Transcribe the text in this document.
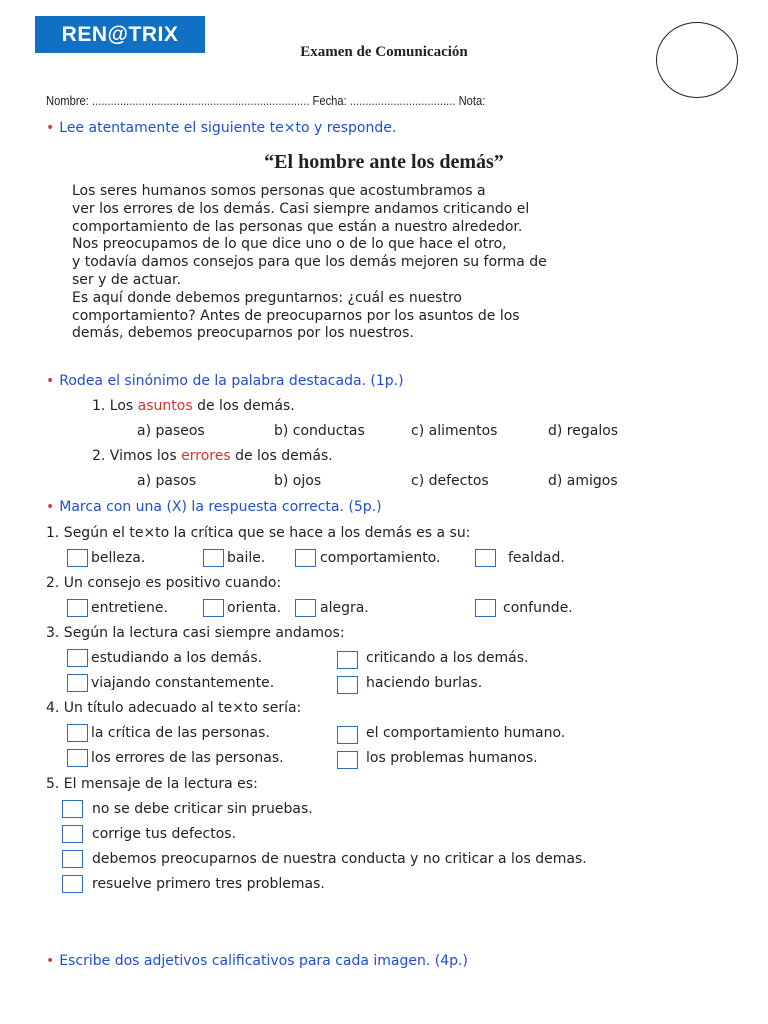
REN@TRIX
Examen de Comunicación
Nombre: ...................................................................... Fecha: .................................. Nota:
• Lee atentamente el siguiente te×to y responde.
“El hombre ante los demás”
Los seres humanos somos personas que acostumbramos a
ver los errores de los demás. Casi siempre andamos criticando el
comportamiento de las personas que están a nuestro alrededor.
Nos preocupamos de lo que dice uno o de lo que hace el otro,
y todavía damos consejos para que los demás mejoren su forma de
ser y de actuar.
Es aquí donde debemos preguntarnos: ¿cuál es nuestro
comportamiento? Antes de preocuparnos por los asuntos de los
demás, debemos preocuparnos por los nuestros.
• Rodea el sinónimo de la palabra destacada. (1p.)
1. Los asuntos de los demás.
a) paseos	b) conductas	c) alimentos	d) regalos
2. Vimos los errores de los demás.
a) pasos	b) ojos	c) defectos	d) amigos
• Marca con una (X) la respuesta correcta. (5p.)
1. Según el te×to la crítica que se hace a los demás es a su:
belleza.	baile.	comportamiento.	fealdad.
2. Un consejo es positivo cuando:
entretiene.	orienta.	alegra.	confunde.
3. Según la lectura casi siempre andamos:
estudiando a los demás.	criticando a los demás.
viajando constantemente.	haciendo burlas.
4. Un título adecuado al te×to sería:
la crítica de las personas.	el comportamiento humano.
los errores de las personas.	los problemas humanos.
5. El mensaje de la lectura es:
no se debe criticar sin pruebas.
corrige tus defectos.
debemos preocuparnos de nuestra conducta y no criticar a los demas.
resuelve primero tres problemas.
• Escribe dos adjetivos calificativos para cada imagen. (4p.)
